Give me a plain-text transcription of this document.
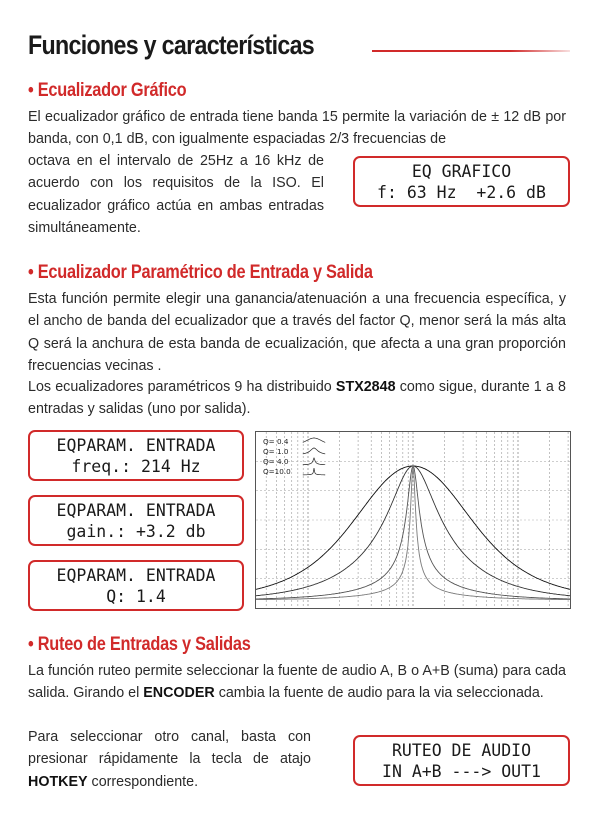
Funciones y características
• Ecualizador Gráfico

El ecualizador gráfico de entrada tiene banda 15 permite la variación de ± 12 dB por banda, con 0,1 dB, con igualmente espaciadas 2/3 frecuencias de

octava en el intervalo de 25Hz a 16 kHz de acuerdo con los requisitos de la ISO. El ecualizador gráfico actúa en ambas entradas simultáneamente.

EQ GRAFICO
f: 63 Hz  +2.6 dB
• Ecualizador Paramétrico de Entrada y Salida

Esta función permite elegir una ganancia/atenuación a una frecuencia específica, y el ancho de banda del ecualizador que a través del factor Q, menor será la más alta Q será la anchura de esta banda de ecualización, que afecta a una gran proporción frecuencias vecinas .

Los ecualizadores paramétricos 9 ha distribuido STX2848 como sigue, durante 1 a 8 entradas y salidas (uno por salida).

EQPARAM. ENTRADA
freq.: 214 Hz
EQPARAM. ENTRADA
gain.: +3.2 db
EQPARAM. ENTRADA
Q: 1.4
Q= 0.4
Q= 1.0
Q= 4.0
Q=10.0
• Ruteo de Entradas y Salidas

La función ruteo permite seleccionar la fuente de audio A, B o A+B (suma) para cada salida. Girando el ENCODER cambia la fuente de audio para la via seleccionada.

Para seleccionar otro canal, basta con presionar rápidamente la tecla de atajo HOTKEY correspondiente.

RUTEO DE AUDIO
IN A+B ---> OUT1
